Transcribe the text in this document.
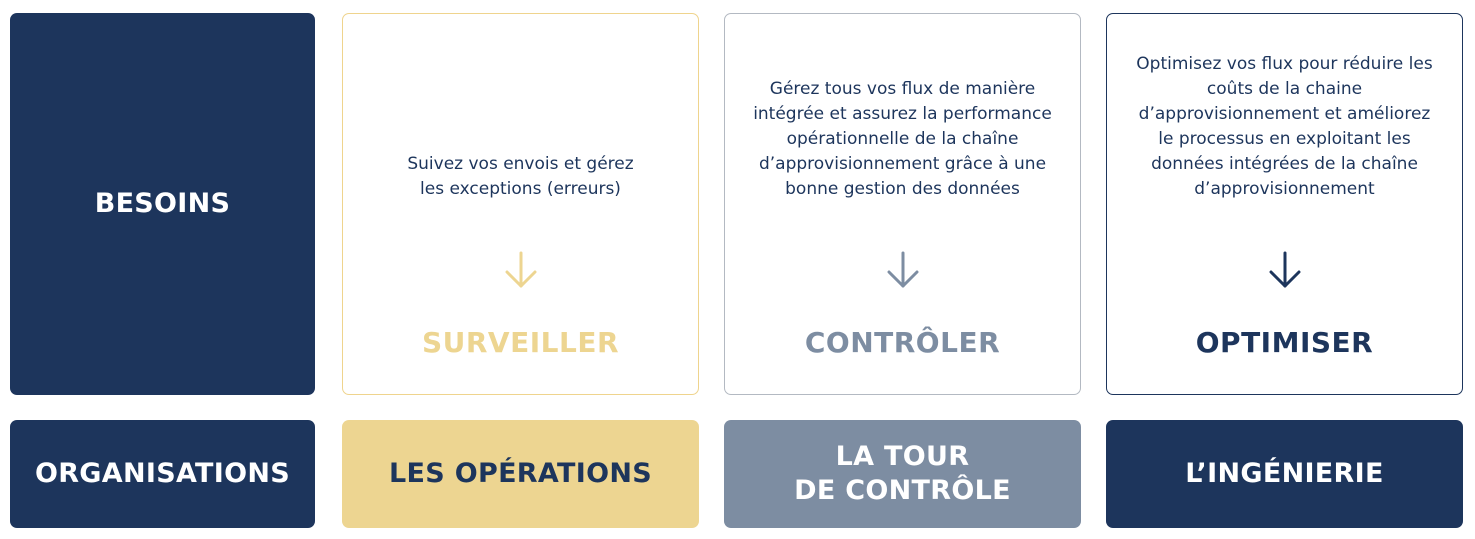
BESOINS
ORGANISATIONS
Suivez vos envois et gérez les exceptions (erreurs)
SURVEILLER
LES OPÉRATIONS
Gérez tous vos flux de manière intégrée et assurez la performance opérationnelle de la chaîne d’approvisionnement grâce à une bonne gestion des données
CONTRÔLER
LA TOUR
DE CONTRÔLE
Optimisez vos flux pour réduire les coûts de la chaine d’approvisionnement et améliorez le processus en exploitant les données intégrées de la chaîne d’approvisionnement
OPTIMISER
L’INGÉNIERIE
